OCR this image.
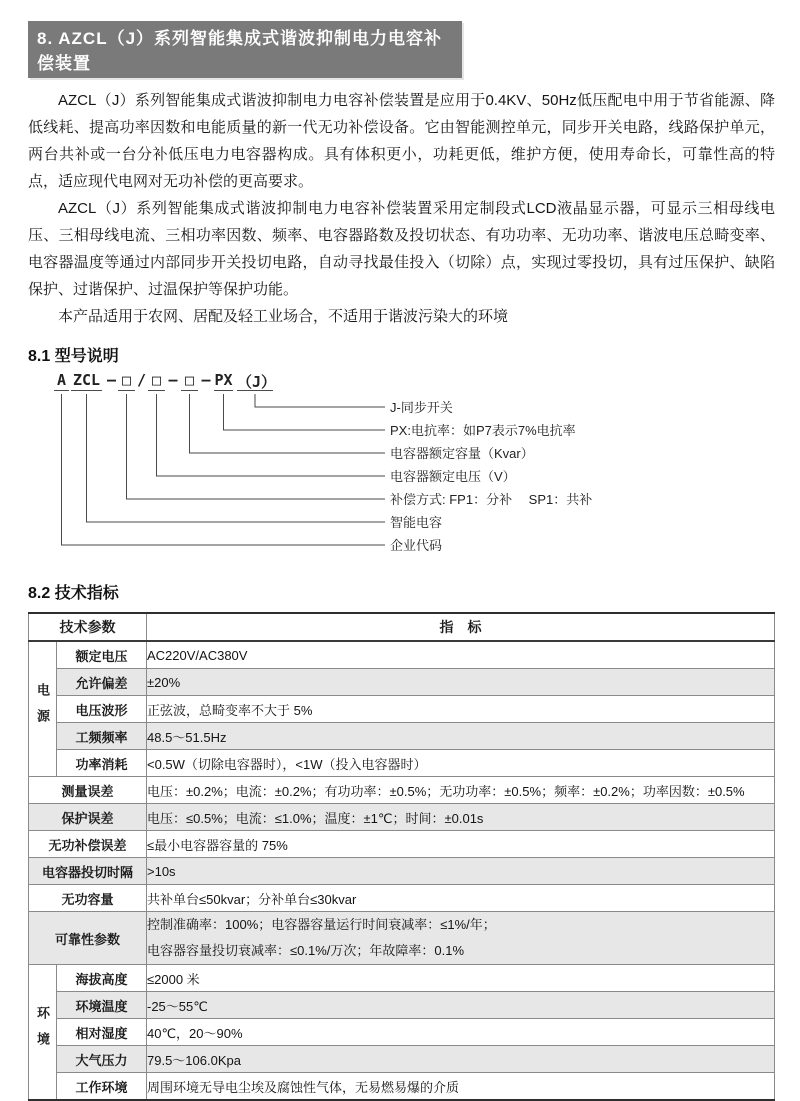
8. AZCL（J）系列智能集成式谐波抑制电力电容补偿装置

AZCL（J）系列智能集成式谐波抑制电力电容补偿装置是应用于0.4KV、50Hz低压配电中用于节省能源、降低线耗、提高功率因数和电能质量的新一代无功补偿设备。它由智能测控单元，同步开关电路，线路保护单元，两台共补或一台分补低压电力电容器构成。具有体积更小，功耗更低，维护方便，使用寿命长，可靠性高的特点，适应现代电网对无功补偿的更高要求。

AZCL（J）系列智能集成式谐波抑制电力电容补偿装置采用定制段式LCD液晶显示器，可显示三相母线电压、三相母线电流、三相功率因数、频率、电容器路数及投切状态、有功功率、无功功率、谐波电压总畸变率、电容器温度等通过内部同步开关投切电路，自动寻找最佳投入（切除）点，实现过零投切，具有过压保护、缺陷保护、过谐保护、过温保护等保护功能。

本产品适用于农网、居配及轻工业场合，不适用于谐波污染大的环境

8.1 型号说明
A ZCL — □ / □ — □ — PX （J）
J-同步开关
PX:电抗率：如P7表示7%电抗率
电容器额定容量（Kvar）
电容器额定电压（V）
补偿方式: FP1：分补　 SP1：共补
智能电容
企业代码
8.2 技术指标
技术参数		指　标
电源	额定电压	AC220V/AC380V
	允许偏差	±20%
	电压波形	正弦波，总畸变率不大于 5%
	工频频率	48.5～51.5Hz
	功率消耗	<0.5W（切除电容器时），<1W（投入电容器时）
测量误差		电压：±0.2%；电流：±0.2%；有功功率：±0.5%；无功功率：±0.5%；频率：±0.2%；功率因数：±0.5%
保护误差		电压：≤0.5%；电流：≤1.0%；温度：±1℃；时间：±0.01s
无功补偿误差		≤最小电容器容量的 75%
电容器投切时隔		>10s
无功容量		共补单台≤50kvar；分补单台≤30kvar
可靠性参数		控制准确率：100%；电容器容量运行时间衰减率：≤1%/年；
电容器容量投切衰减率：≤0.1%/万次；年故障率：0.1%

环境	海拔高度	≤2000 米
	环境温度	-25～55℃
	相对湿度	40℃，20～90%
	大气压力	79.5～106.0Kpa
	工作环境	周围环境无导电尘埃及腐蚀性气体，无易燃易爆的介质
